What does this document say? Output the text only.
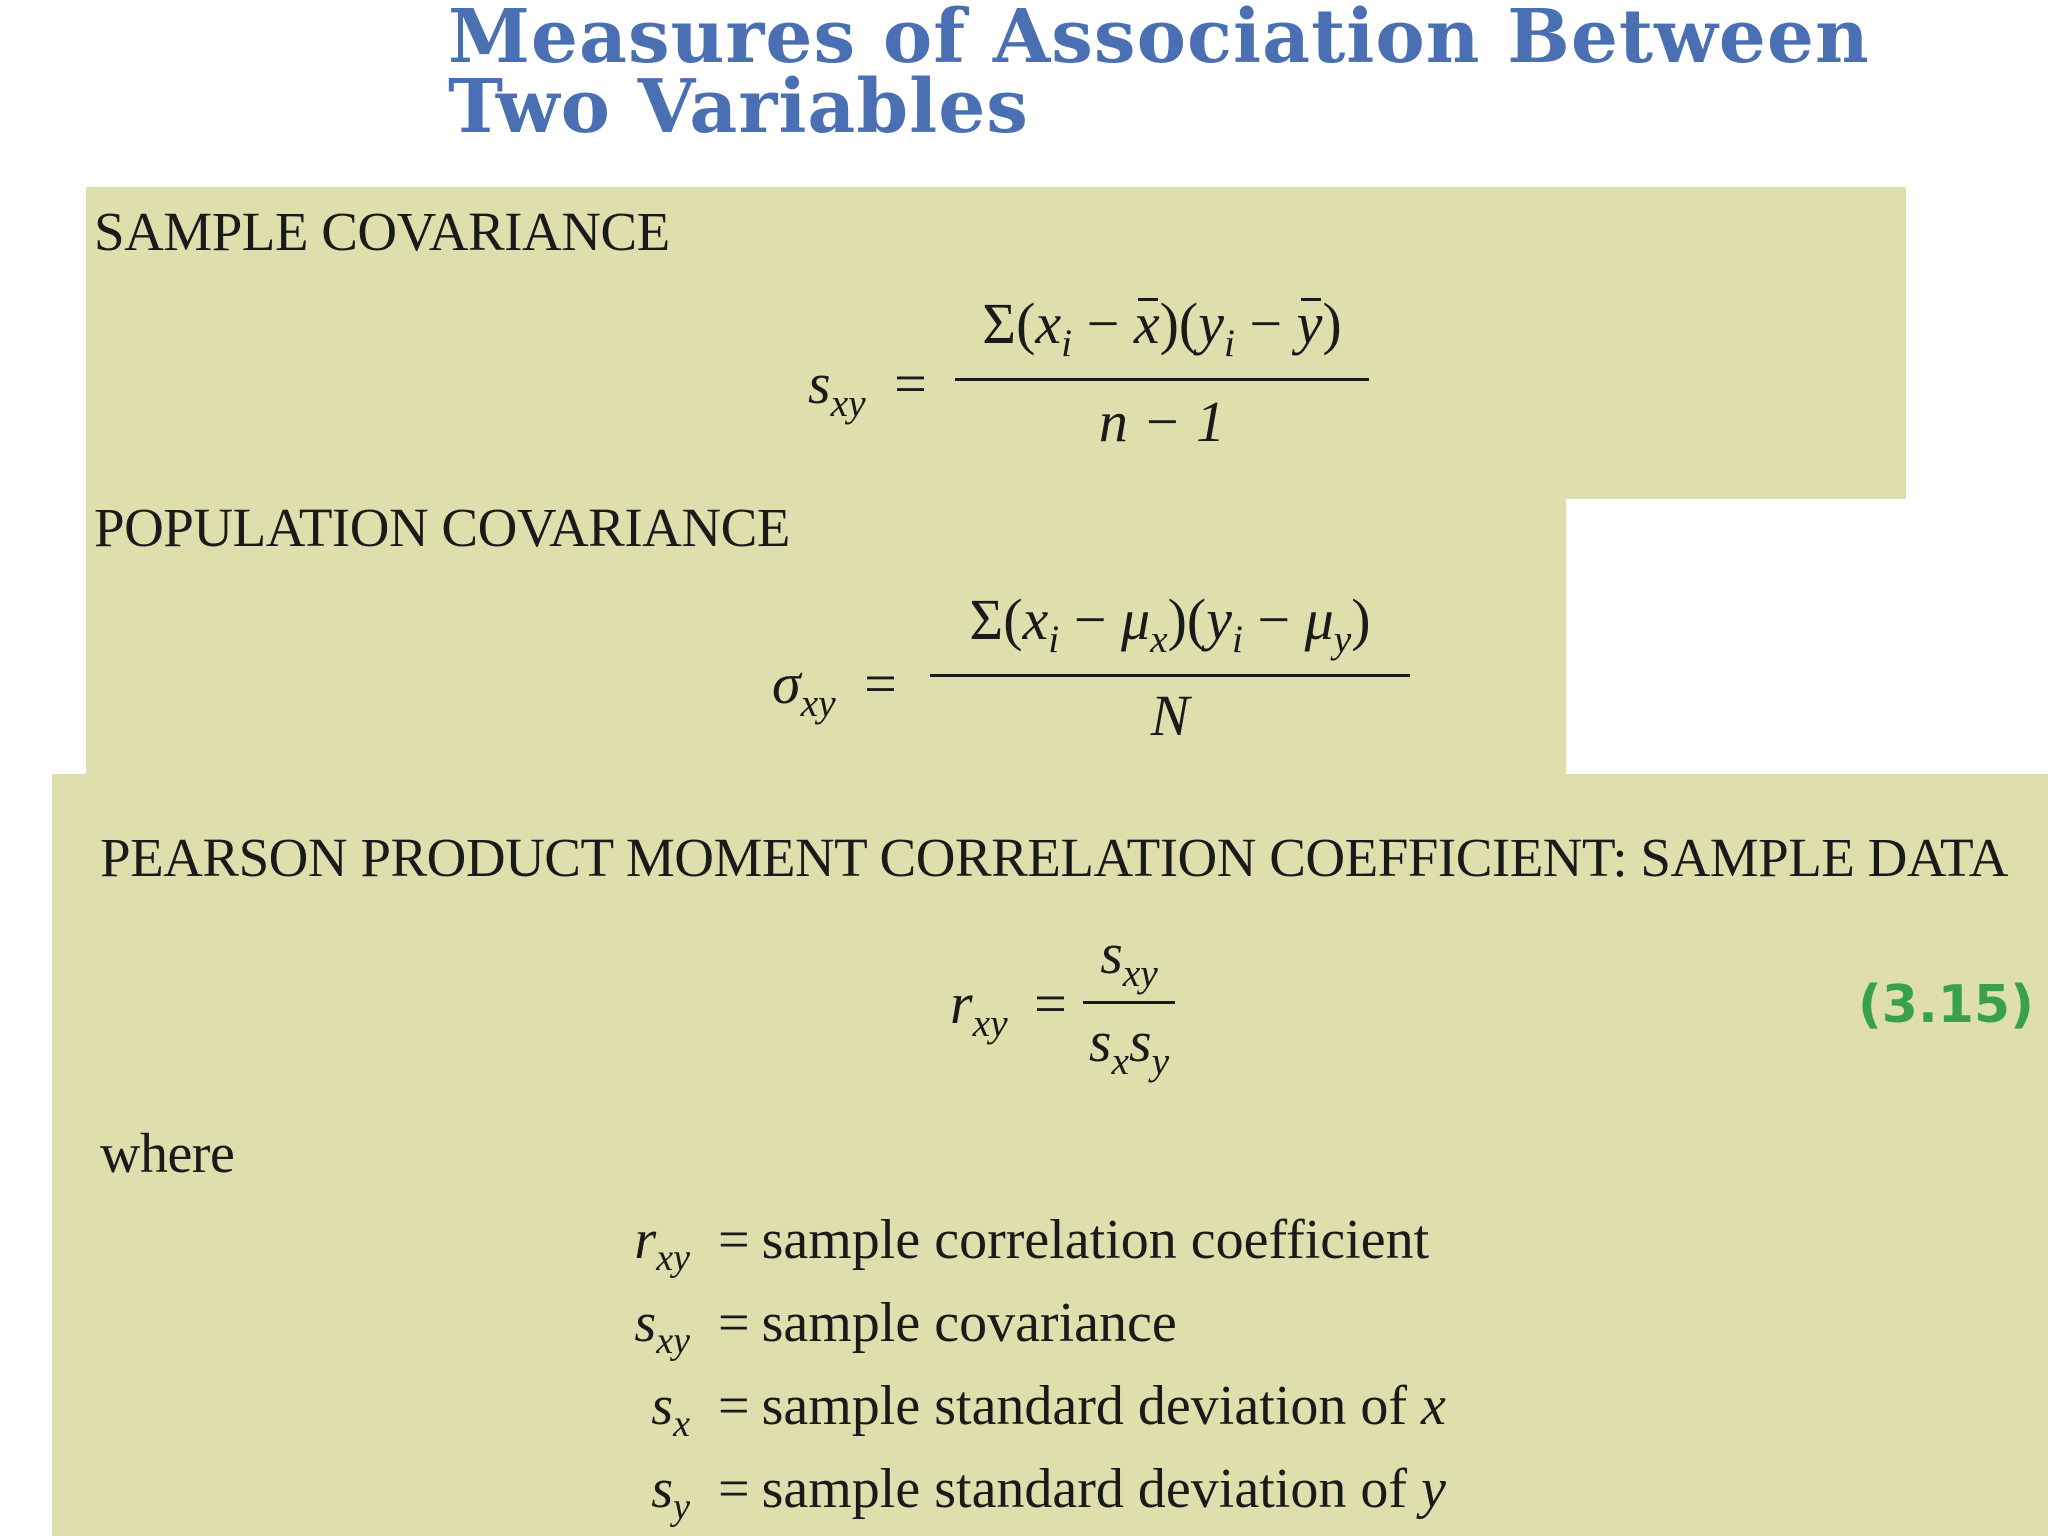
Measures of Association Between
Two Variables
SAMPLE COVARIANCE
$s_{xy}$ =
$\Sigma(x_i - x)(y_i - y)$
n − 1
POPULATION COVARIANCE
$\sigma_{xy}$ =
$\Sigma(x_i - \mu_x)(y_i - \mu_y)$
N
PEARSON PRODUCT MOMENT CORRELATION COEFFICIENT: SAMPLE DATA
$r_{xy}$ =
$s_{xy}$
$s_xs_y$
(3.15)
where
$r_{xy}$ = sample correlation coefficient
$s_{xy}$ = sample covariance
$s_x$ = sample standard deviation of x
$s_y$ = sample standard deviation of y
